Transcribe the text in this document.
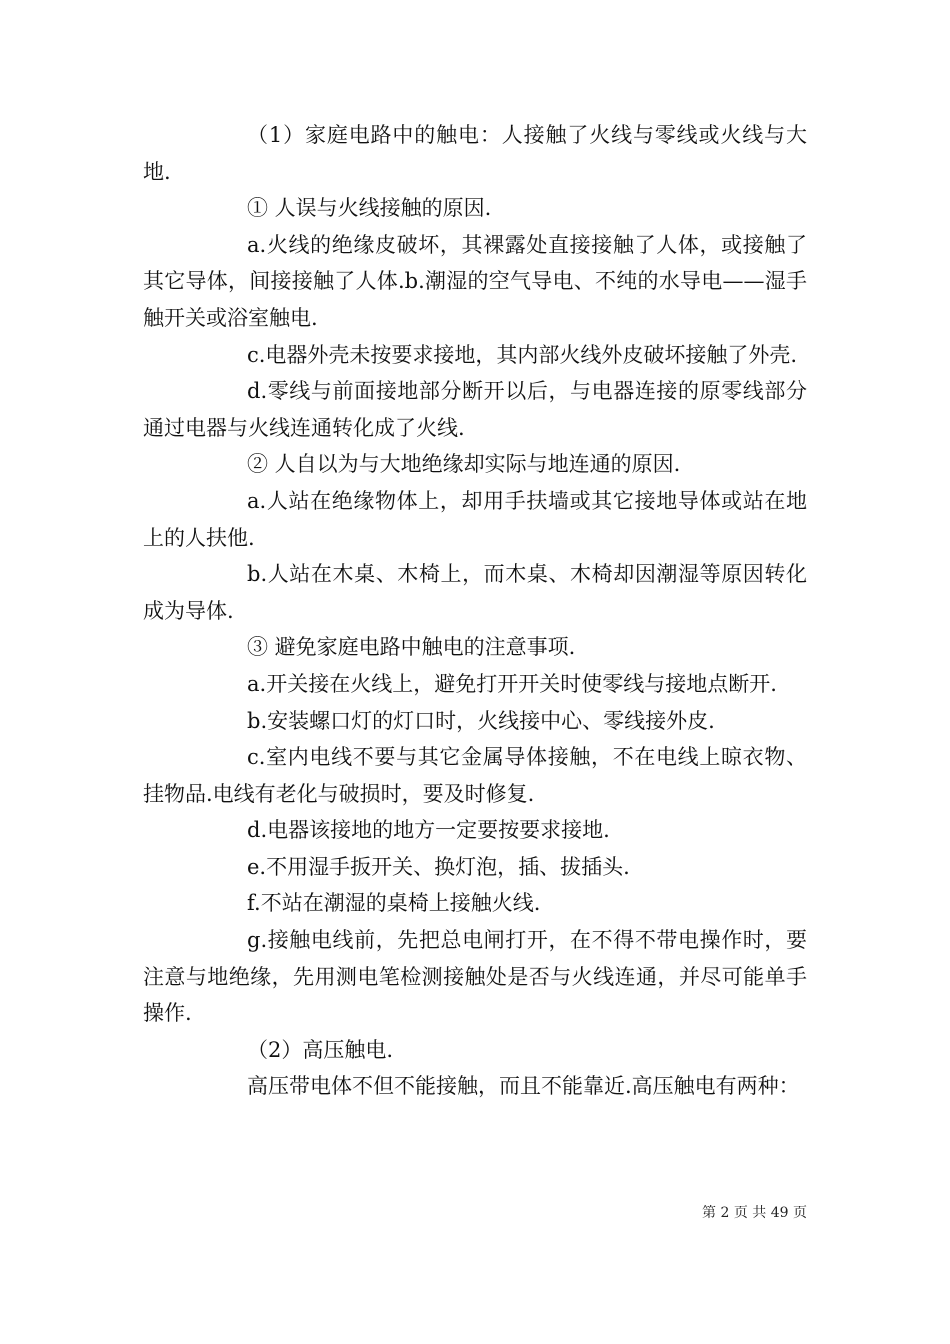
（1）家庭电路中的触电：人接触了火线与零线或火线与大地.

① 人误与火线接触的原因.

a.火线的绝缘皮破坏，其裸露处直接接触了人体，或接触了其它导体，间接接触了人体.b.潮湿的空气导电、不纯的水导电——湿手触开关或浴室触电.

c.电器外壳未按要求接地，其内部火线外皮破坏接触了外壳.

d.零线与前面接地部分断开以后，与电器连接的原零线部分通过电器与火线连通转化成了火线.

② 人自以为与大地绝缘却实际与地连通的原因.

a.人站在绝缘物体上，却用手扶墙或其它接地导体或站在地上的人扶他.

b.人站在木桌、木椅上，而木桌、木椅却因潮湿等原因转化成为导体.

③ 避免家庭电路中触电的注意事项.

a.开关接在火线上，避免打开开关时使零线与接地点断开.

b.安装螺口灯的灯口时，火线接中心、零线接外皮.

c.室内电线不要与其它金属导体接触，不在电线上晾衣物、挂物品.电线有老化与破损时，要及时修复.

d.电器该接地的地方一定要按要求接地.

e.不用湿手扳开关、换灯泡，插、拔插头.

f.不站在潮湿的桌椅上接触火线.

g.接触电线前，先把总电闸打开，在不得不带电操作时，要注意与地绝缘，先用测电笔检测接触处是否与火线连通，并尽可能单手操作.

（2）高压触电.

高压带电体不但不能接触，而且不能靠近.高压触电有两种：

第 2 页 共 49 页
